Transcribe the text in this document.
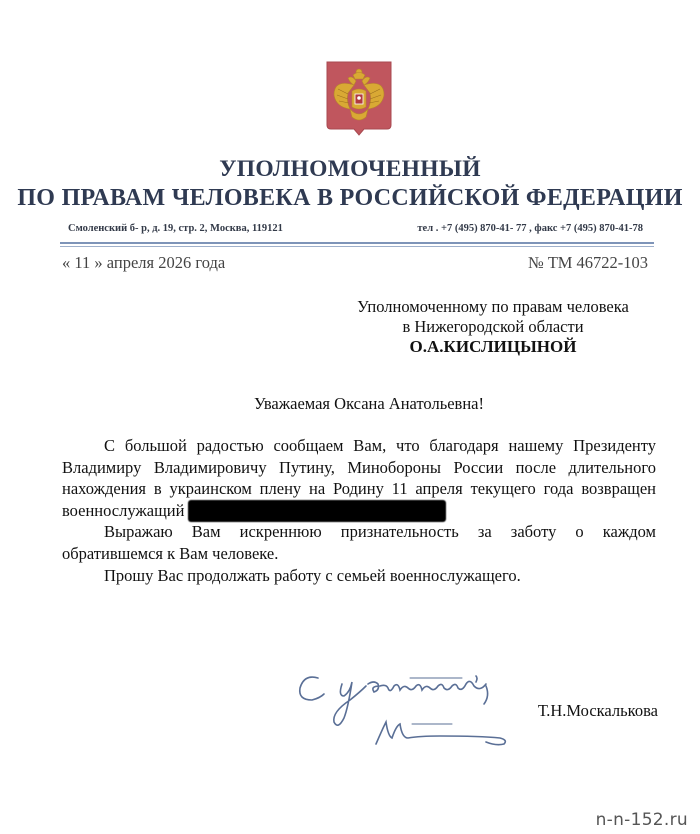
УПОЛНОМОЧЕННЫЙ
ПО ПРАВАМ ЧЕЛОВЕКА В РОССИЙСКОЙ ФЕДЕРАЦИИ
Смоленский б- р, д. 19, стр. 2, Москва, 119121	тел . +7 (495) 870-41- 77 , факс +7 (495) 870-41-78
« 11 » апреля 2026 года	№ ТМ 46722-103
Уполномоченному по правам человека
в Нижегородской области
О.А.КИСЛИЦЫНОЙ
Уважаемая Оксана Анатольевна!

С большой радостью сообщаем Вам, что благодаря нашему Президенту

Владимиру Владимировичу Путину, Минобороны России после длительного

нахождения в украинском плену на Родину 11 апреля текущего года возвращен

военнослужащий

Выражаю Вам искреннюю признательность за заботу о каждом

обратившемся к Вам человеке.

Прошу Вас продолжать работу с семьей военнослужащего.

Т.Н.Москалькова
n-n-152.ru
